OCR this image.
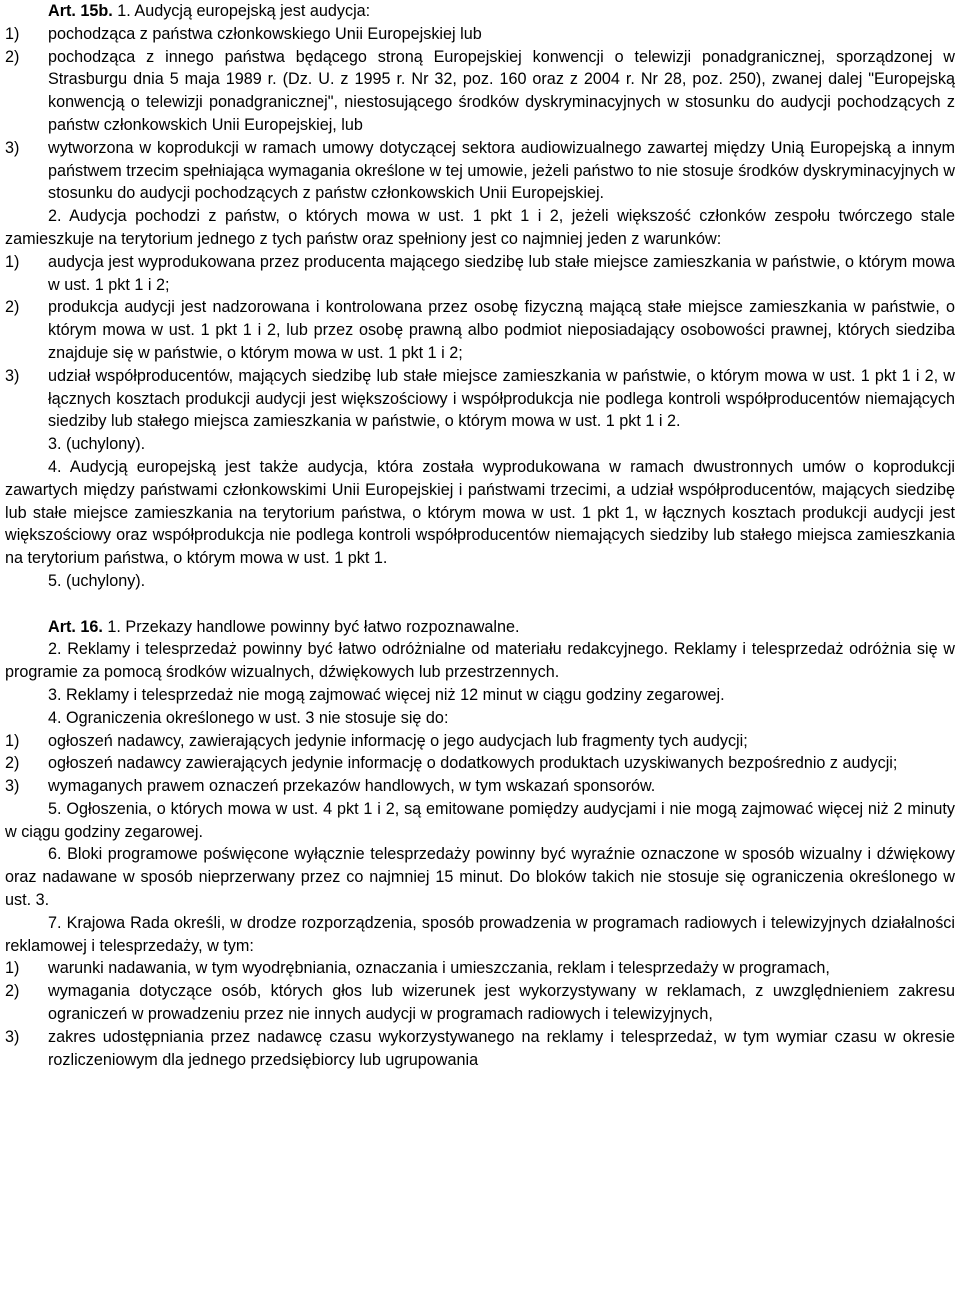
Art. 15b. 1. Audycją europejską jest audycja:
1) pochodząca z państwa członkowskiego Unii Europejskiej lub
2) pochodząca z innego państwa będącego stroną Europejskiej konwencji o telewizji ponadgranicznej, sporządzonej w Strasburgu dnia 5 maja 1989 r. (Dz. U. z 1995 r. Nr 32, poz. 160 oraz z 2004 r. Nr 28, poz. 250), zwanej dalej "Europejską konwencją o telewizji ponadgranicznej", niestosującego środków dyskryminacyjnych w stosunku do audycji pochodzących z państw członkowskich Unii Europejskiej, lub
3) wytworzona w koprodukcji w ramach umowy dotyczącej sektora audiowizualnego zawartej między Unią Europejską a innym państwem trzecim spełniająca wymagania określone w tej umowie, jeżeli państwo to nie stosuje środków dyskryminacyjnych w stosunku do audycji pochodzących z państw członkowskich Unii Europejskiej.
2. Audycja pochodzi z państw, o których mowa w ust. 1 pkt 1 i 2, jeżeli większość członków zespołu twórczego stale zamieszkuje na terytorium jednego z tych państw oraz spełniony jest co najmniej jeden z warunków:
1) audycja jest wyprodukowana przez producenta mającego siedzibę lub stałe miejsce zamieszkania w państwie, o którym mowa w ust. 1 pkt 1 i 2;
2) produkcja audycji jest nadzorowana i kontrolowana przez osobę fizyczną mającą stałe miejsce zamieszkania w państwie, o którym mowa w ust. 1 pkt 1 i 2, lub przez osobę prawną albo podmiot nieposiadający osobowości prawnej, których siedziba znajduje się w państwie, o którym mowa w ust. 1 pkt 1 i 2;
3) udział współproducentów, mających siedzibę lub stałe miejsce zamieszkania w państwie, o którym mowa w ust. 1 pkt 1 i 2, w łącznych kosztach produkcji audycji jest większościowy i współprodukcja nie podlega kontroli współproducentów niemających siedziby lub stałego miejsca zamieszkania w państwie, o którym mowa w ust. 1 pkt 1 i 2.
3. (uchylony).
4. Audycją europejską jest także audycja, która została wyprodukowana w ramach dwustronnych umów o koprodukcji zawartych między państwami członkowskimi Unii Europejskiej i państwami trzecimi, a udział współproducentów, mających siedzibę lub stałe miejsce zamieszkania na terytorium państwa, o którym mowa w ust. 1 pkt 1, w łącznych kosztach produkcji audycji jest większościowy oraz współprodukcja nie podlega kontroli współproducentów niemających siedziby lub stałego miejsca zamieszkania na terytorium państwa, o którym mowa w ust. 1 pkt 1.
5. (uchylony).
Art. 16. 1. Przekazy handlowe powinny być łatwo rozpoznawalne.
2. Reklamy i telesprzedaż powinny być łatwo odróżnialne od materiału redakcyjnego. Reklamy i telesprzedaż odróżnia się w programie za pomocą środków wizualnych, dźwiękowych lub przestrzennych.
3. Reklamy i telesprzedaż nie mogą zajmować więcej niż 12 minut w ciągu godziny zegarowej.
4. Ograniczenia określonego w ust. 3 nie stosuje się do:
1) ogłoszeń nadawcy, zawierających jedynie informację o jego audycjach lub fragmenty tych audycji;
2) ogłoszeń nadawcy zawierających jedynie informację o dodatkowych produktach uzyskiwanych bezpośrednio z audycji;
3) wymaganych prawem oznaczeń przekazów handlowych, w tym wskazań sponsorów.
5. Ogłoszenia, o których mowa w ust. 4 pkt 1 i 2, są emitowane pomiędzy audycjami i nie mogą zajmować więcej niż 2 minuty w ciągu godziny zegarowej.
6. Bloki programowe poświęcone wyłącznie telesprzedaży powinny być wyraźnie oznaczone w sposób wizualny i dźwiękowy oraz nadawane w sposób nieprzerwany przez co najmniej 15 minut. Do bloków takich nie stosuje się ograniczenia określonego w ust. 3.
7. Krajowa Rada określi, w drodze rozporządzenia, sposób prowadzenia w programach radiowych i telewizyjnych działalności reklamowej i telesprzedaży, w tym:
1) warunki nadawania, w tym wyodrębniania, oznaczania i umieszczania, reklam i telesprzedaży w programach,
2) wymagania dotyczące osób, których głos lub wizerunek jest wykorzystywany w reklamach, z uwzględnieniem zakresu ograniczeń w prowadzeniu przez nie innych audycji w programach radiowych i telewizyjnych,
3) zakres udostępniania przez nadawcę czasu wykorzystywanego na reklamy i telesprzedaż, w tym wymiar czasu w okresie rozliczeniowym dla jednego przedsiębiorcy lub ugrupowania
